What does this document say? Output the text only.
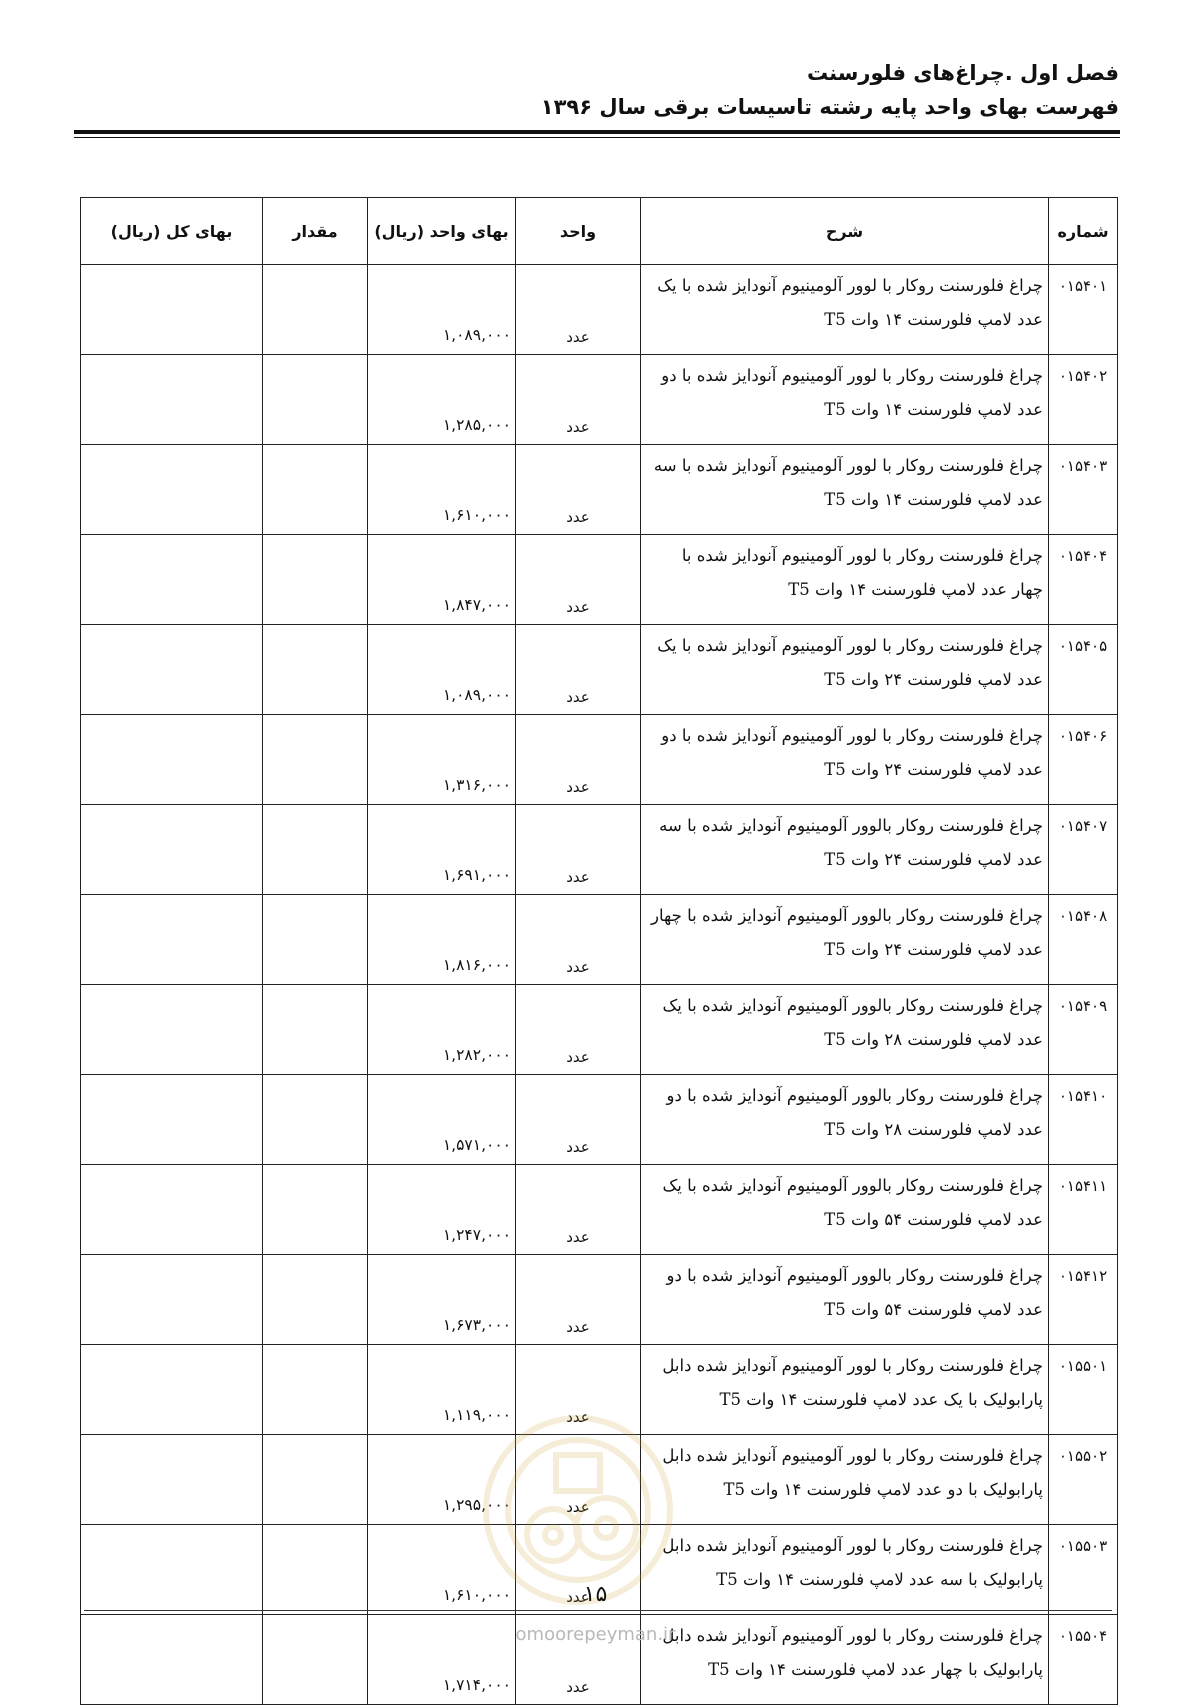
فصل اول .چراغ‌های فلورسنت
فهرست بهای واحد پایه رشته تاسیسات برقی سال ۱۳۹۶
شماره	شرح	واحد	بهای واحد (ریال)	مقدار	بهای کل (ریال)
۰۱۵۴۰۱	چراغ فلورسنت روکار با لوور آلومینیوم آنودایز شده با یک
عدد لامپ فلورسنت ۱۴ وات T5	عدد	۱,۰۸۹,۰۰۰		
۰۱۵۴۰۲	چراغ فلورسنت روکار با لوور آلومینیوم آنودایز شده با دو
عدد لامپ فلورسنت ۱۴ وات T5	عدد	۱,۲۸۵,۰۰۰		
۰۱۵۴۰۳	چراغ فلورسنت روکار با لوور آلومینیوم آنودایز شده با سه
عدد لامپ فلورسنت ۱۴ وات T5	عدد	۱,۶۱۰,۰۰۰		
۰۱۵۴۰۴	چراغ فلورسنت روکار با لوور آلومینیوم آنودایز شده با
چهار عدد لامپ فلورسنت ۱۴ وات T5	عدد	۱,۸۴۷,۰۰۰		
۰۱۵۴۰۵	چراغ فلورسنت روکار با لوور آلومینیوم آنودایز شده با یک
عدد لامپ فلورسنت ۲۴ وات T5	عدد	۱,۰۸۹,۰۰۰		
۰۱۵۴۰۶	چراغ فلورسنت روکار با لوور آلومینیوم آنودایز شده با دو
عدد لامپ فلورسنت ۲۴ وات T5	عدد	۱,۳۱۶,۰۰۰		
۰۱۵۴۰۷	چراغ فلورسنت روکار بالوور آلومینیوم آنودایز شده با سه
عدد لامپ فلورسنت ۲۴ وات T5	عدد	۱,۶۹۱,۰۰۰		
۰۱۵۴۰۸	چراغ فلورسنت روکار بالوور آلومینیوم آنودایز شده با چهار
عدد لامپ فلورسنت ۲۴ وات T5	عدد	۱,۸۱۶,۰۰۰		
۰۱۵۴۰۹	چراغ فلورسنت روکار بالوور آلومینیوم آنودایز شده با یک
عدد لامپ فلورسنت ۲۸ وات T5	عدد	۱,۲۸۲,۰۰۰		
۰۱۵۴۱۰	چراغ فلورسنت روکار بالوور آلومینیوم آنودایز شده با دو
عدد لامپ فلورسنت ۲۸ وات T5	عدد	۱,۵۷۱,۰۰۰		
۰۱۵۴۱۱	چراغ فلورسنت روکار بالوور آلومینیوم آنودایز شده با یک
عدد لامپ فلورسنت ۵۴ وات T5	عدد	۱,۲۴۷,۰۰۰		
۰۱۵۴۱۲	چراغ فلورسنت روکار بالوور آلومینیوم آنودایز شده با دو
عدد لامپ فلورسنت ۵۴ وات T5	عدد	۱,۶۷۳,۰۰۰		
۰۱۵۵۰۱	چراغ فلورسنت روکار با لوور آلومینیوم آنودایز شده دابل
پارابولیک با یک عدد لامپ فلورسنت ۱۴ وات T5	عدد	۱,۱۱۹,۰۰۰		
۰۱۵۵۰۲	چراغ فلورسنت روکار با لوور آلومینیوم آنودایز شده دابل
پارابولیک با دو عدد لامپ فلورسنت ۱۴ وات T5	عدد	۱,۲۹۵,۰۰۰		
۰۱۵۵۰۳	چراغ فلورسنت روکار با لوور آلومینیوم آنودایز شده دابل
پارابولیک با سه عدد لامپ فلورسنت ۱۴ وات T5	عدد	۱,۶۱۰,۰۰۰		
۰۱۵۵۰۴	چراغ فلورسنت روکار با لوور آلومینیوم آنودایز شده دابل
پارابولیک با چهار عدد لامپ فلورسنت ۱۴ وات T5	عدد	۱,۷۱۴,۰۰۰		
۱۵
omoorepeyman.ir
